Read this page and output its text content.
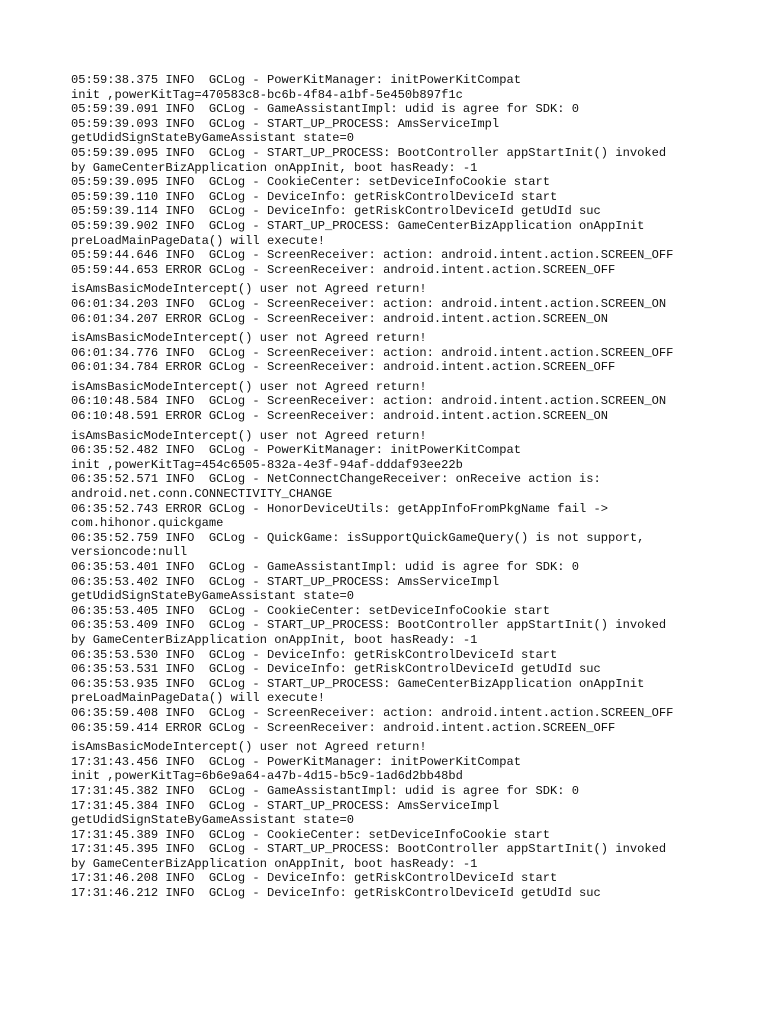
05:59:38.375 INFO  GCLog - PowerKitManager: initPowerKitCompat
init ,powerKitTag=470583c8-bc6b-4f84-a1bf-5e450b897f1c
05:59:39.091 INFO  GCLog - GameAssistantImpl: udid is agree for SDK: 0
05:59:39.093 INFO  GCLog - START_UP_PROCESS: AmsServiceImpl
getUdidSignStateByGameAssistant state=0
05:59:39.095 INFO  GCLog - START_UP_PROCESS: BootController appStartInit() invoked
by GameCenterBizApplication onAppInit, boot hasReady: -1
05:59:39.095 INFO  GCLog - CookieCenter: setDeviceInfoCookie start
05:59:39.110 INFO  GCLog - DeviceInfo: getRiskControlDeviceId start
05:59:39.114 INFO  GCLog - DeviceInfo: getRiskControlDeviceId getUdId suc
05:59:39.902 INFO  GCLog - START_UP_PROCESS: GameCenterBizApplication onAppInit
preLoadMainPageData() will execute!
05:59:44.646 INFO  GCLog - ScreenReceiver: action: android.intent.action.SCREEN_OFF
05:59:44.653 ERROR GCLog - ScreenReceiver: android.intent.action.SCREEN_OFF
isAmsBasicModeIntercept() user not Agreed return!
06:01:34.203 INFO  GCLog - ScreenReceiver: action: android.intent.action.SCREEN_ON
06:01:34.207 ERROR GCLog - ScreenReceiver: android.intent.action.SCREEN_ON
isAmsBasicModeIntercept() user not Agreed return!
06:01:34.776 INFO  GCLog - ScreenReceiver: action: android.intent.action.SCREEN_OFF
06:01:34.784 ERROR GCLog - ScreenReceiver: android.intent.action.SCREEN_OFF
isAmsBasicModeIntercept() user not Agreed return!
06:10:48.584 INFO  GCLog - ScreenReceiver: action: android.intent.action.SCREEN_ON
06:10:48.591 ERROR GCLog - ScreenReceiver: android.intent.action.SCREEN_ON
isAmsBasicModeIntercept() user not Agreed return!
06:35:52.482 INFO  GCLog - PowerKitManager: initPowerKitCompat
init ,powerKitTag=454c6505-832a-4e3f-94af-dddaf93ee22b
06:35:52.571 INFO  GCLog - NetConnectChangeReceiver: onReceive action is:
android.net.conn.CONNECTIVITY_CHANGE
06:35:52.743 ERROR GCLog - HonorDeviceUtils: getAppInfoFromPkgName fail ->
com.hihonor.quickgame
06:35:52.759 INFO  GCLog - QuickGame: isSupportQuickGameQuery() is not support,
versioncode:null
06:35:53.401 INFO  GCLog - GameAssistantImpl: udid is agree for SDK: 0
06:35:53.402 INFO  GCLog - START_UP_PROCESS: AmsServiceImpl
getUdidSignStateByGameAssistant state=0
06:35:53.405 INFO  GCLog - CookieCenter: setDeviceInfoCookie start
06:35:53.409 INFO  GCLog - START_UP_PROCESS: BootController appStartInit() invoked
by GameCenterBizApplication onAppInit, boot hasReady: -1
06:35:53.530 INFO  GCLog - DeviceInfo: getRiskControlDeviceId start
06:35:53.531 INFO  GCLog - DeviceInfo: getRiskControlDeviceId getUdId suc
06:35:53.935 INFO  GCLog - START_UP_PROCESS: GameCenterBizApplication onAppInit
preLoadMainPageData() will execute!
06:35:59.408 INFO  GCLog - ScreenReceiver: action: android.intent.action.SCREEN_OFF
06:35:59.414 ERROR GCLog - ScreenReceiver: android.intent.action.SCREEN_OFF
isAmsBasicModeIntercept() user not Agreed return!
17:31:43.456 INFO  GCLog - PowerKitManager: initPowerKitCompat
init ,powerKitTag=6b6e9a64-a47b-4d15-b5c9-1ad6d2bb48bd
17:31:45.382 INFO  GCLog - GameAssistantImpl: udid is agree for SDK: 0
17:31:45.384 INFO  GCLog - START_UP_PROCESS: AmsServiceImpl
getUdidSignStateByGameAssistant state=0
17:31:45.389 INFO  GCLog - CookieCenter: setDeviceInfoCookie start
17:31:45.395 INFO  GCLog - START_UP_PROCESS: BootController appStartInit() invoked
by GameCenterBizApplication onAppInit, boot hasReady: -1
17:31:46.208 INFO  GCLog - DeviceInfo: getRiskControlDeviceId start
17:31:46.212 INFO  GCLog - DeviceInfo: getRiskControlDeviceId getUdId suc
